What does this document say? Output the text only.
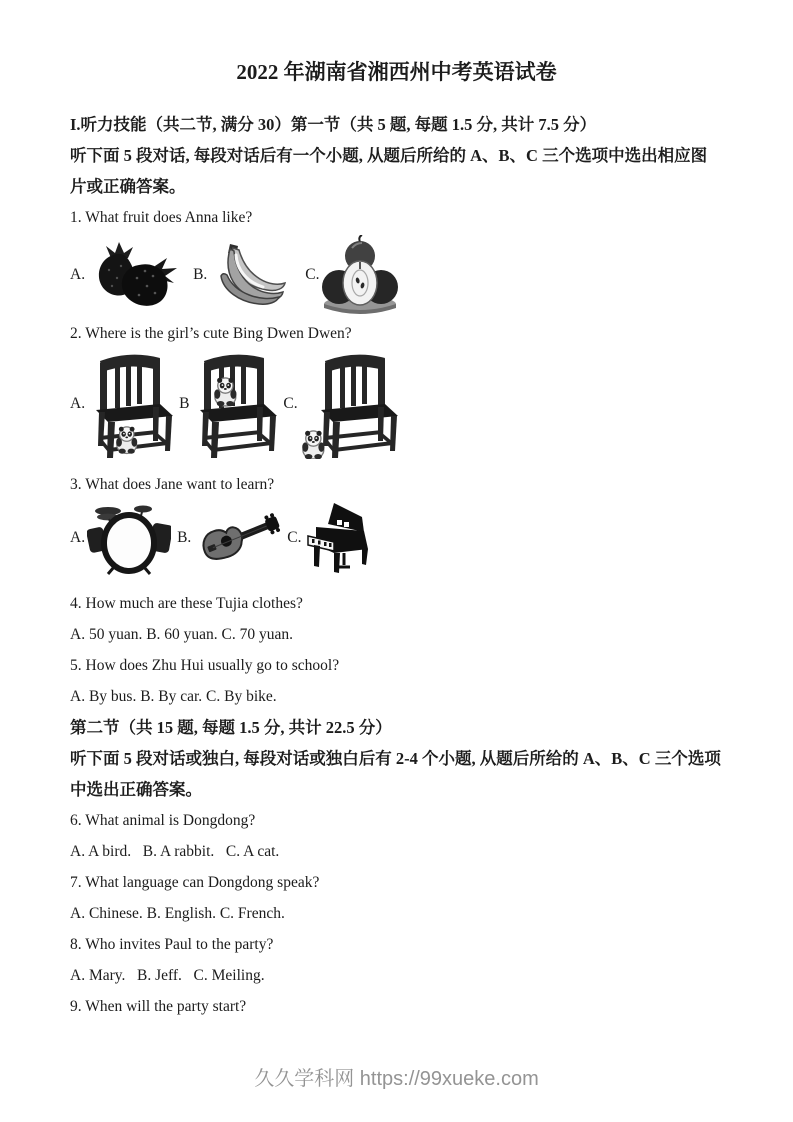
2022 年湖南省湘西州中考英语试卷

I.听力技能（共二节, 满分 30）第一节（共 5 题, 每题 1.5 分, 共计 7.5 分）

听下面 5 段对话, 每段对话后有一个小题, 从题后所给的 A、B、C 三个选项中选出相应图片或正确答案。

1. What fruit does Anna like?

A.	B.	C.

2. Where is the girl’s cute Bing Dwen Dwen?

A.	B	C.

3. What does Jane want to learn?

A.	B.	C.

4. How much are these Tujia clothes?

A. 50 yuan. B. 60 yuan. C. 70 yuan.

5. How does Zhu Hui usually go to school?

A. By bus. B. By car. C. By bike.

第二节（共 15 题, 每题 1.5 分, 共计 22.5 分）

听下面 5 段对话或独白, 每段对话或独白后有 2-4 个小题, 从题后所给的 A、B、C 三个选项中选出正确答案。

6. What animal is Dongdong?

A. A bird.   B. A rabbit.   C. A cat.

7. What language can Dongdong speak?

A. Chinese. B. English. C. French.

8. Who invites Paul to the party?

A. Mary.   B. Jeff.   C. Meiling.

9. When will the party start?

久久学科网 https://99xueke.com
